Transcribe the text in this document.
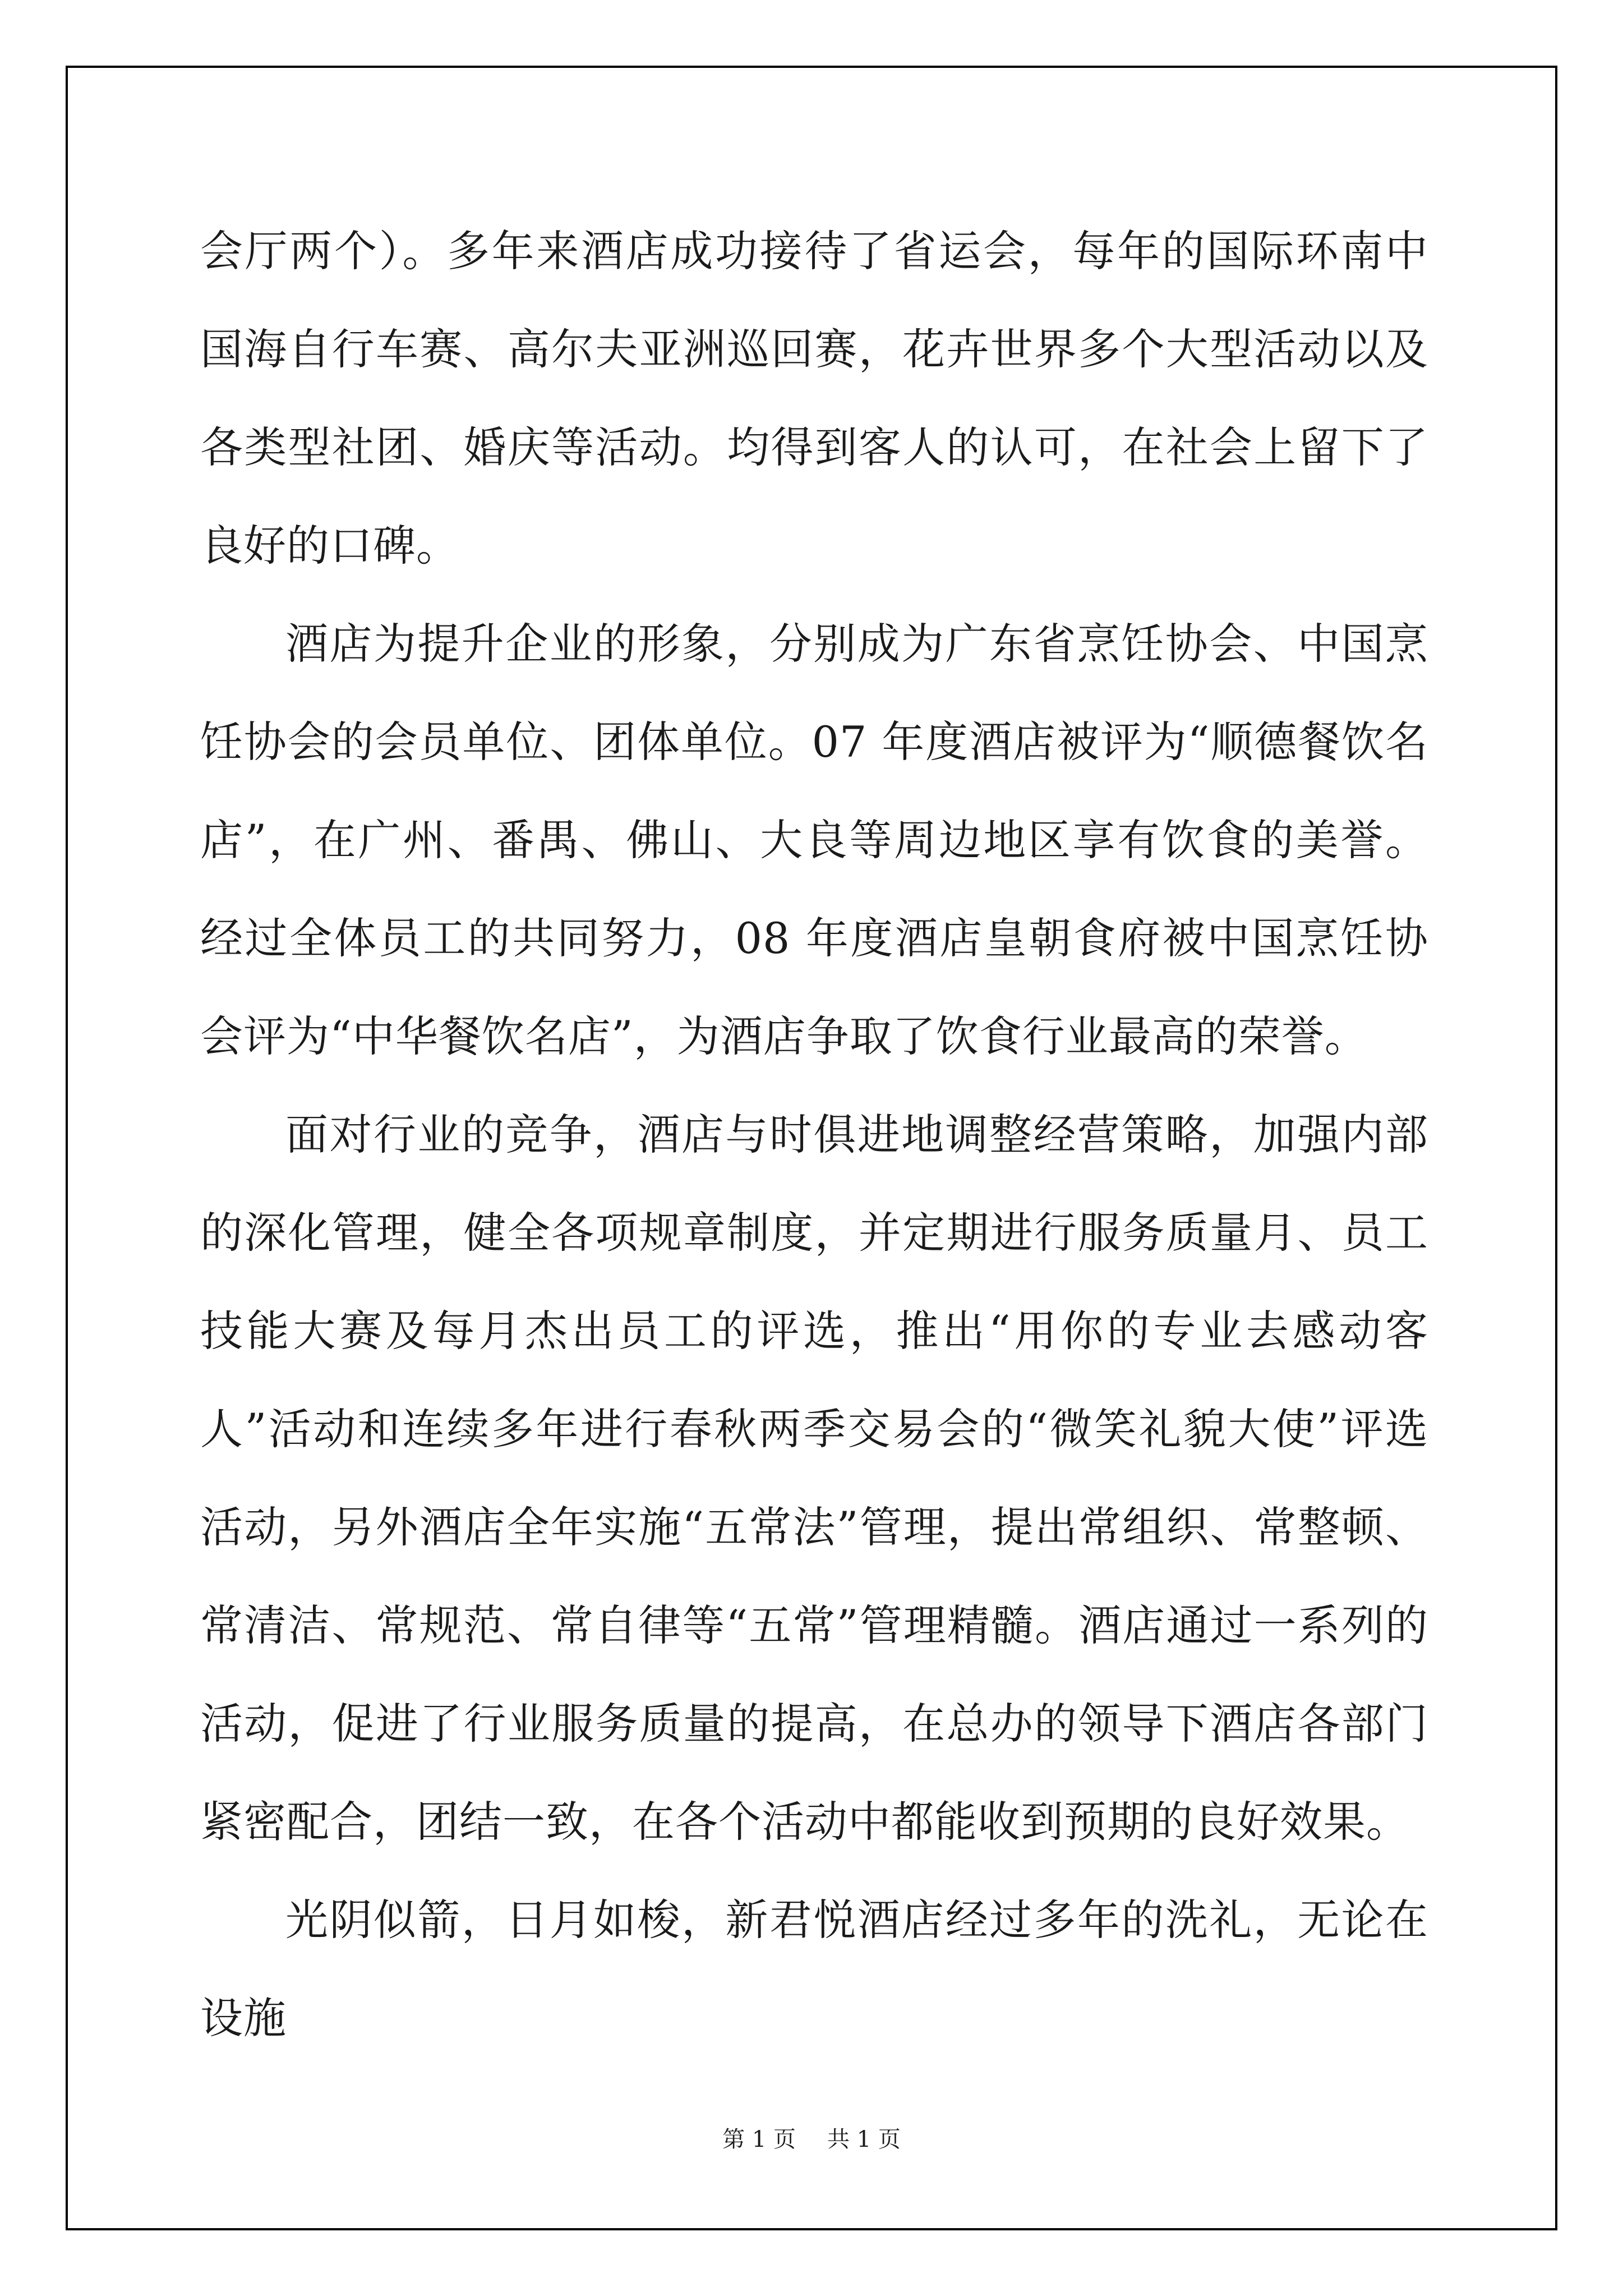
会厅两个）。多年来酒店成功接待了省运会，每年的国际环南中国海自行车赛、高尔夫亚洲巡回赛，花卉世界多个大型活动以及各类型社团、婚庆等活动。均得到客人的认可，在社会上留下了良好的口碑。

酒店为提升企业的形象，分别成为广东省烹饪协会、中国烹饪协会的会员单位、团体单位。07 年度酒店被评为“顺德餐饮名店”，在广州、番禺、佛山、大良等周边地区享有饮食的美誉。经过全体员工的共同努力，08 年度酒店皇朝食府被中国烹饪协会评为“中华餐饮名店”，为酒店争取了饮食行业最高的荣誉。

面对行业的竞争，酒店与时俱进地调整经营策略，加强内部的深化管理，健全各项规章制度，并定期进行服务质量月、员工技能大赛及每月杰出员工的评选，推出“用你的专业去感动客人”活动和连续多年进行春秋两季交易会的“微笑礼貌大使”评选活动，另外酒店全年实施“五常法”管理，提出常组织、常整顿、常清洁、常规范、常自律等“五常”管理精髓。酒店通过一系列的活动，促进了行业服务质量的提高，在总办的领导下酒店各部门紧密配合，团结一致，在各个活动中都能收到预期的良好效果。

光阴似箭，日月如梭，新君悦酒店经过多年的洗礼，无论在设施

第 1 页 共 1 页
